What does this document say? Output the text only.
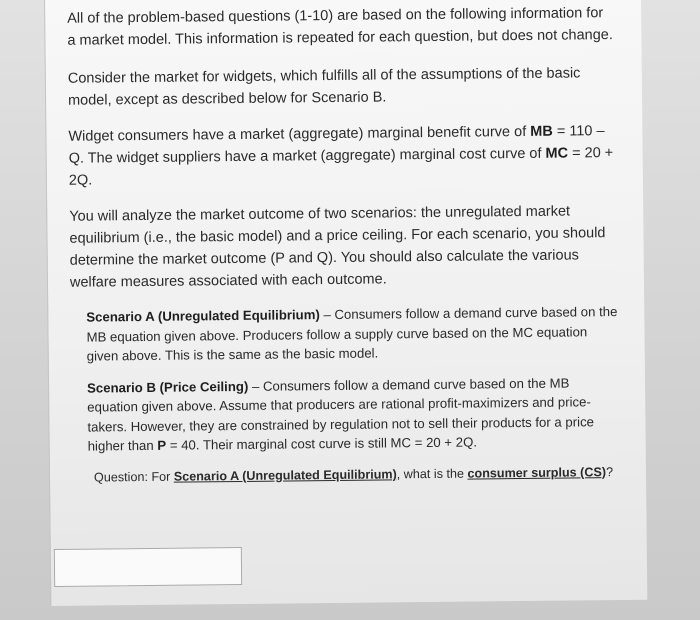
All of the problem-based questions (1-10) are based on the following information for a market model. This information is repeated for each question, but does not change.

Consider the market for widgets, which fulfills all of the assumptions of the basic model, except as described below for Scenario B.

Widget consumers have a market (aggregate) marginal benefit curve of MB = 110 – Q. The widget suppliers have a market (aggregate) marginal cost curve of MC = 20 + 2Q.

You will analyze the market outcome of two scenarios: the unregulated market equilibrium (i.e., the basic model) and a price ceiling. For each scenario, you should determine the market outcome (P and Q). You should also calculate the various welfare measures associated with each outcome.

Scenario A (Unregulated Equilibrium) – Consumers follow a demand curve based on the MB equation given above. Producers follow a supply curve based on the MC equation given above. This is the same as the basic model.

Scenario B (Price Ceiling) – Consumers follow a demand curve based on the MB equation given above. Assume that producers are rational profit-maximizers and price-takers. However, they are constrained by regulation not to sell their products for a price higher than P = 40. Their marginal cost curve is still MC = 20 + 2Q.

Question: For Scenario A (Unregulated Equilibrium), what is the consumer surplus (CS)?
